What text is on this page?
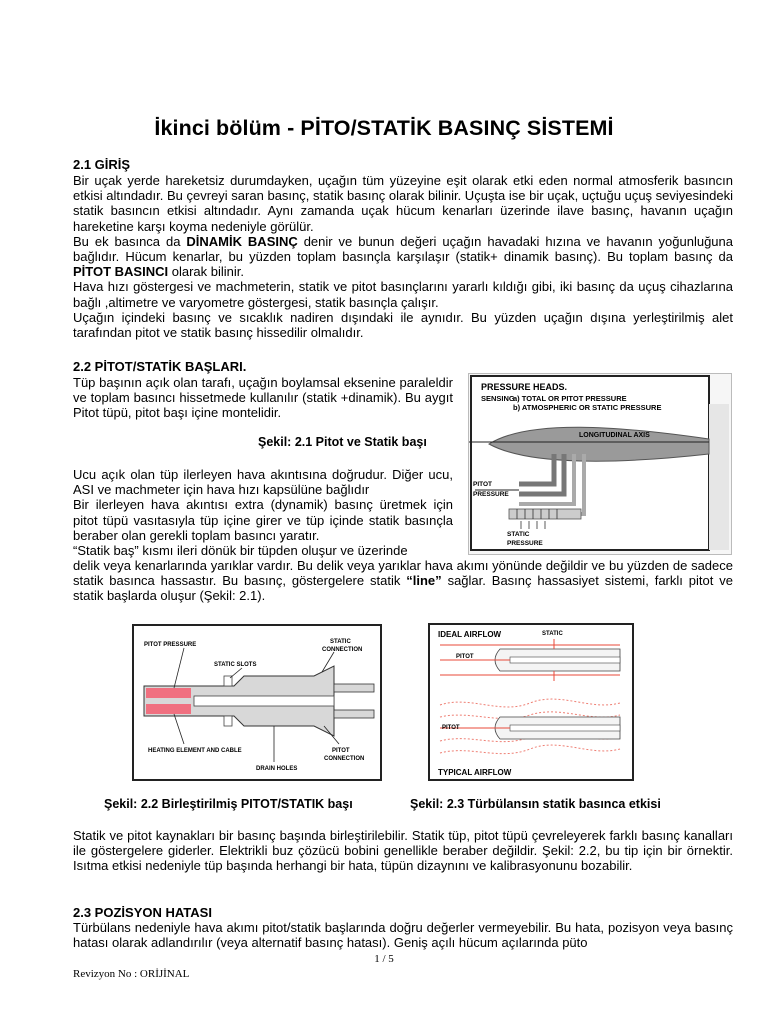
İkinci bölüm - PİTO/STATİK BASINÇ SİSTEMİ
2.1 GİRİŞ

Bir uçak yerde hareketsiz durumdayken, uçağın tüm yüzeyine eşit olarak etki eden normal atmosferik basıncın etkisi altındadır. Bu çevreyi saran basınç, statik basınç olarak bilinir. Uçuşta ise bir uçak, uçtuğu uçuş seviyesindeki statik basıncın etkisi altındadır. Aynı zamanda uçak hücum kenarları üzerinde ilave basınç, havanın uçağın hareketine karşı koyma nedeniyle görülür.

Bu ek basınca da DİNAMİK BASINÇ denir ve bunun değeri uçağın havadaki hızına ve havanın yoğunluğuna bağlıdır. Hücum kenarlar, bu yüzden toplam basınçla karşılaşır (statik+ dinamik basınç). Bu toplam basınç da PİTOT BASINCI olarak bilinir.

Hava hızı göstergesi ve machmeterin, statik ve pitot basınçlarını yararlı kıldığı gibi, iki basınç da uçuş cihazlarına bağlı ,altimetre ve varyometre göstergesi, statik basınçla çalışır.

Uçağın içindeki basınç ve sıcaklık nadiren dışındaki ile aynıdır. Bu yüzden uçağın dışına yerleştirilmiş alet tarafından pitot ve statik basınç hissedilir olmalıdır.

2.2 PİTOT/STATİK BAŞLARI.

Tüp başının açık olan tarafı, uçağın boylamsal eksenine paraleldir ve toplam basıncı hissetmede kullanılır (statik +dinamik). Bu aygıt Pitot tüpü, pitot başı içine montelidir.

Şekil: 2.1 Pitot ve Statik başı

Ucu açık olan tüp ilerleyen hava akıntısına doğrudur. Diğer ucu, ASI ve machmeter için hava hızı kapsülüne bağlıdır

Bir ilerleyen hava akıntısı extra (dynamik) basınç üretmek için pitot tüpü vasıtasıyla tüp içine girer ve tüp içinde statik basınçla beraber olan gerekli toplam basıncı yaratır.

“Statik baş” kısmı ileri dönük bir tüpden oluşur ve üzerinde

delik veya kenarlarında yarıklar vardır. Bu delik veya yarıklar hava akımı yönünde değildir ve bu yüzden de sadece statik basınca hassastır. Bu basınç, göstergelere statik “line” sağlar. Basınç hassasiyet sistemi, farklı pitot ve statik başlarda oluşur (Şekil: 2.1).

PRESSURE HEADS.
SENSING
a) TOTAL OR PITOT PRESSURE
b) ATMOSPHERIC OR STATIC PRESSURE
LONGITUDINAL AXIS
PITOT
PRESSURE
STATIC
PRESSURE
PITOT PRESSURE	STATIC
CONNECTION
STATIC SLOTS
HEATING ELEMENT AND CABLE	PITOT
CONNECTION
DRAIN HOLES
IDEAL AIRFLOW	STATIC
PITOT
PITOT
TYPICAL AIRFLOW
Şekil: 2.2 Birleştirilmiş PITOT/STATIK başı	Şekil: 2.3 Türbülansın statik basınca etkisi

Statik ve pitot kaynakları bir basınç başında birleştirilebilir. Statik tüp, pitot tüpü çevreleyerek farklı basınç kanalları ile göstergelere giderler. Elektrikli buz çözücü bobini genellikle beraber değildir. Şekil: 2.2, bu tip için bir örnektir. Isıtma etkisi nedeniyle tüp başında herhangi bir hata, tüpün dizaynını ve kalibrasyonunu bozabilir.

2.3 POZİSYON HATASI

Türbülans nedeniyle hava akımı pitot/statik başlarında doğru değerler vermeyebilir. Bu hata, pozisyon veya basınç hatası olarak adlandırılır (veya alternatif basınç hatası). Geniş açılı hücum açılarında püto

1 / 5
Revizyon No : ORİJİNAL
